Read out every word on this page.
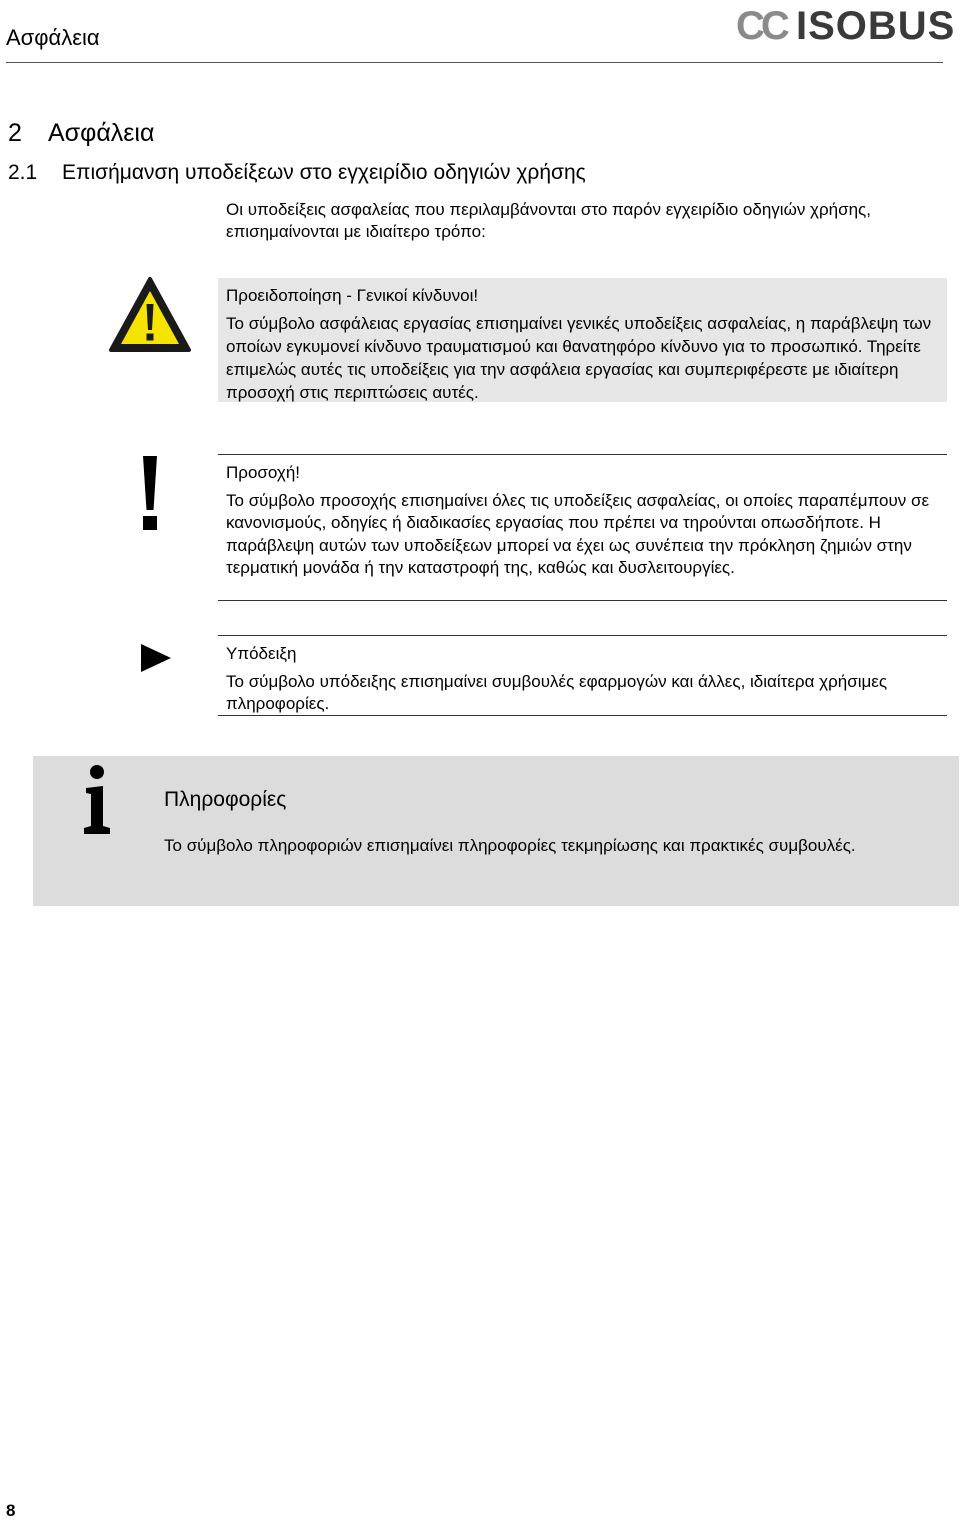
Ασφάλεια	CC ISOBUS
2 Ασφάλεια
2.1 Επισήμανση υποδείξεων στο εγχειρίδιο οδηγιών χρήσης
Οι υποδείξεις ασφαλείας που περιλαμβάνονται στο παρόν εγχειρίδιο οδηγιών χρήσης, επισημαίνονται με ιδιαίτερο τρόπο:
Προειδοποίηση - Γενικοί κίνδυνοι!
Το σύμβολο ασφάλειας εργασίας επισημαίνει γενικές υποδείξεις ασφαλείας, η παράβλεψη των οποίων εγκυμονεί κίνδυνο τραυματισμού και θανατηφόρο κίνδυνο για το προσωπικό. Τηρείτε επιμελώς αυτές τις υποδείξεις για την ασφάλεια εργασίας και συμπεριφέρεστε με ιδιαίτερη προσοχή στις περιπτώσεις αυτές.
Προσοχή!
Το σύμβολο προσοχής επισημαίνει όλες τις υποδείξεις ασφαλείας, οι οποίες παραπέμπουν σε κανονισμούς, οδηγίες ή διαδικασίες εργασίας που πρέπει να τηρούνται οπωσδήποτε. Η παράβλεψη αυτών των υποδείξεων μπορεί να έχει ως συνέπεια την πρόκληση ζημιών στην τερματική μονάδα ή την καταστροφή της, καθώς και δυσλειτουργίες.
Υπόδειξη
Το σύμβολο υπόδειξης επισημαίνει συμβουλές εφαρμογών και άλλες, ιδιαίτερα χρήσιμες πληροφορίες.
Πληροφορίες
Το σύμβολο πληροφοριών επισημαίνει πληροφορίες τεκμηρίωσης και πρακτικές συμβουλές.
8
